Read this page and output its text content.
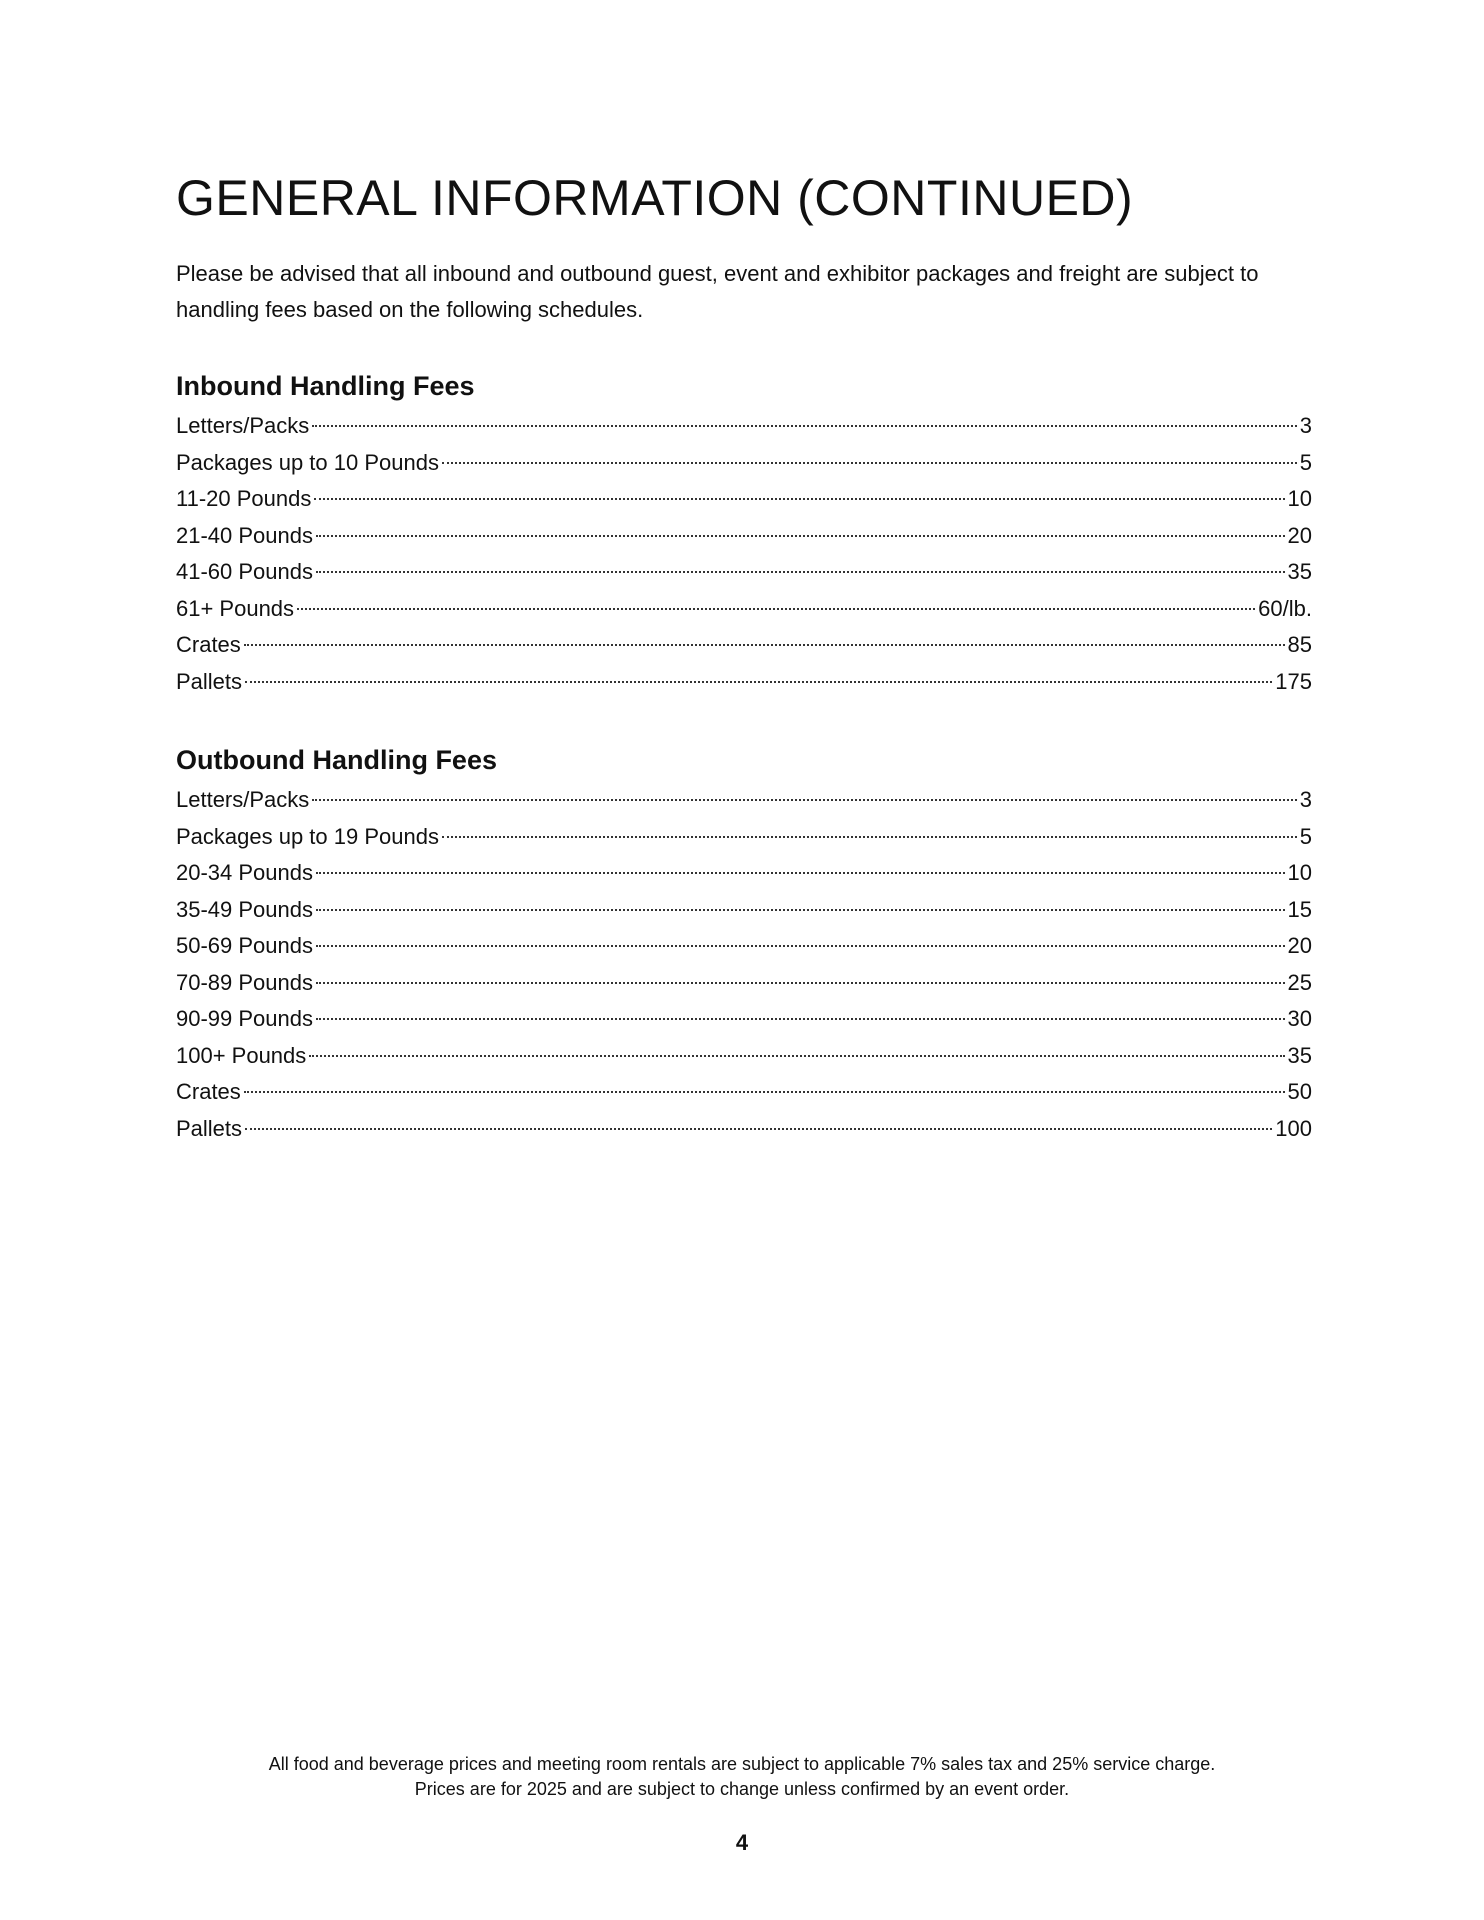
GENERAL INFORMATION (CONTINUED)

Please be advised that all inbound and outbound guest, event and exhibitor packages and freight are subject to handling fees based on the following schedules.

Inbound Handling Fees
Letters/Packs	3
Packages up to 10 Pounds	5
11-20 Pounds	10
21-40 Pounds	20
41-60 Pounds	35
61+ Pounds	60/lb.
Crates	85
Pallets	175
Outbound Handling Fees
Letters/Packs	3
Packages up to 19 Pounds	5
20-34 Pounds	10
35-49 Pounds	15
50-69 Pounds	20
70-89 Pounds	25
90-99 Pounds	30
100+ Pounds	35
Crates	50
Pallets	100
All food and beverage prices and meeting room rentals are subject to applicable 7% sales tax and 25% service charge.
Prices are for 2025 and are subject to change unless confirmed by an event order.
4
